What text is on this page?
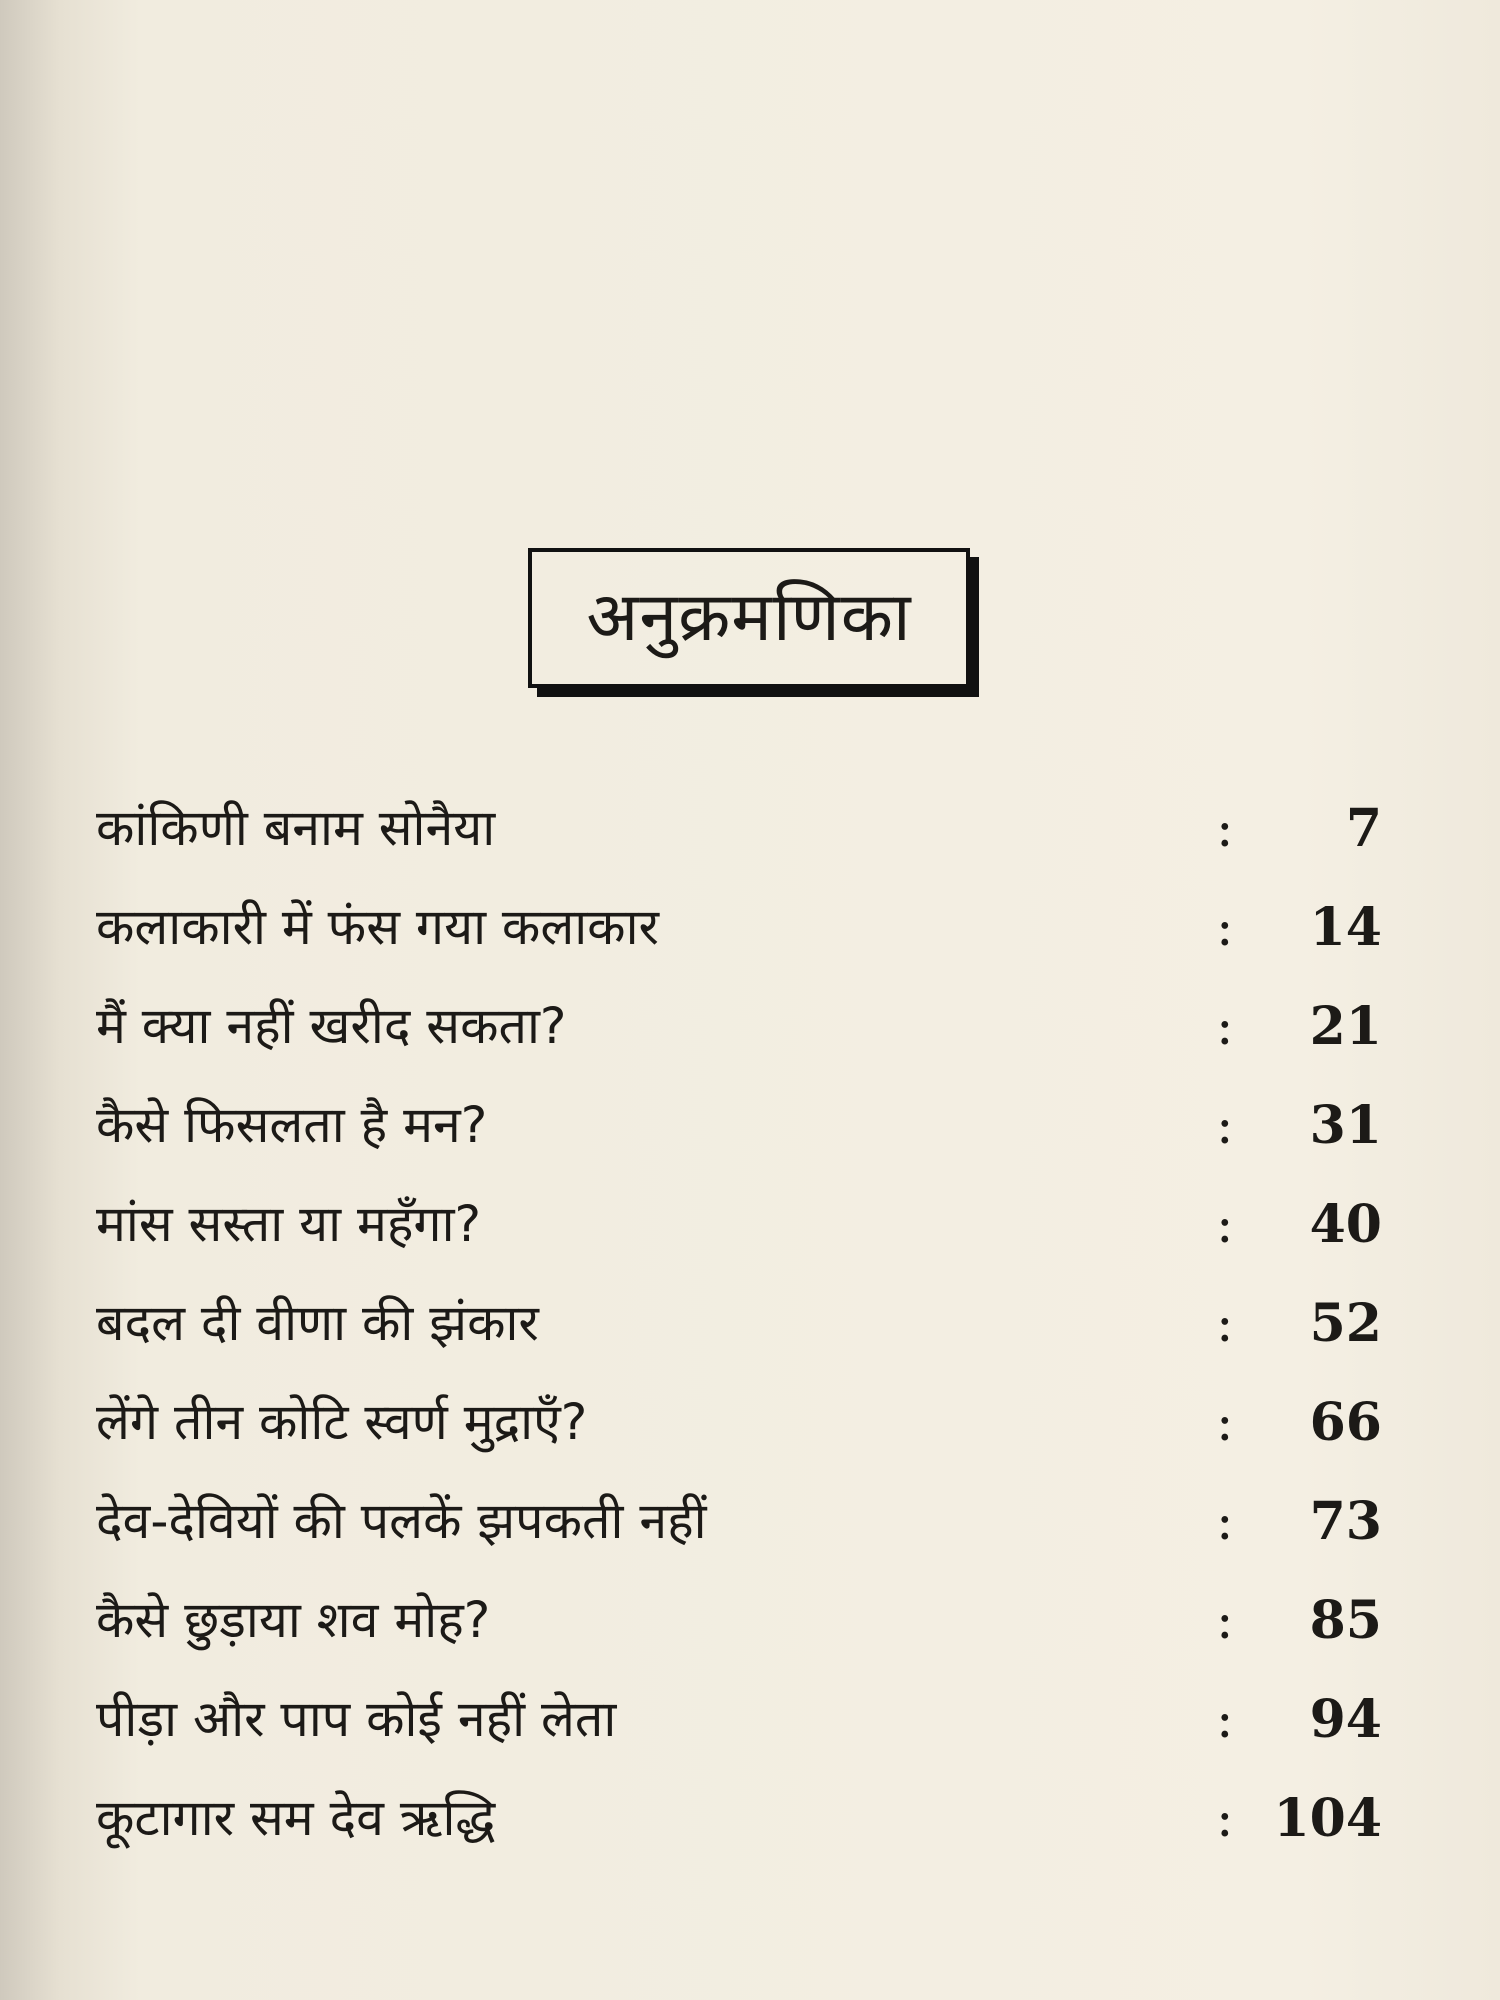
अनुक्रमणिका
कांकिणी बनाम सोनैया	: 7
कलाकारी में फंस गया कलाकार	: 14
मैं क्या नहीं खरीद सकता?	: 21
कैसे फिसलता है मन?	: 31
मांस सस्ता या महँगा?	: 40
बदल दी वीणा की झंकार	: 52
लेंगे तीन कोटि स्वर्ण मुद्राएँ?	: 66
देव-देवियों की पलकें झपकती नहीं	: 73
कैसे छुड़ाया शव मोह?	: 85
पीड़ा और पाप कोई नहीं लेता	: 94
कूटागार सम देव ऋद्धि	: 104
